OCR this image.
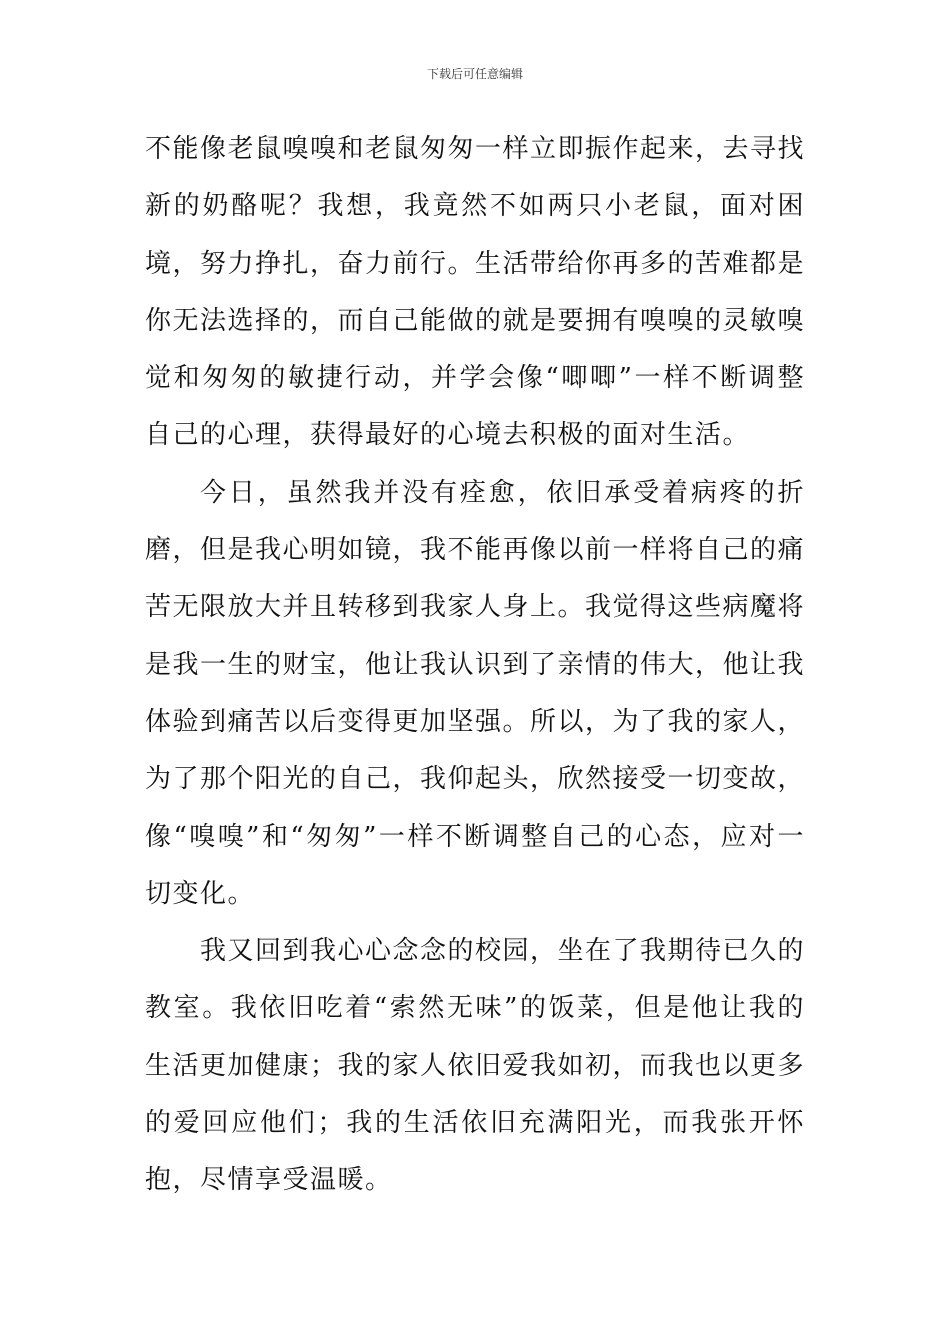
下载后可任意编辑

不能像老鼠嗅嗅和老鼠匆匆一样立即振作起来，去寻找新的奶酪呢？我想，我竟然不如两只小老鼠，面对困境，努力挣扎，奋力前行。生活带给你再多的苦难都是你无法选择的，而自己能做的就是要拥有嗅嗅的灵敏嗅觉和匆匆的敏捷行动，并学会像“唧唧”一样不断调整自己的心理，获得最好的心境去积极的面对生活。

今日，虽然我并没有痊愈，依旧承受着病疼的折磨，但是我心明如镜，我不能再像以前一样将自己的痛苦无限放大并且转移到我家人身上。我觉得这些病魔将是我一生的财宝，他让我认识到了亲情的伟大，他让我体验到痛苦以后变得更加坚强。所以，为了我的家人，为了那个阳光的自己，我仰起头，欣然接受一切变故，像“嗅嗅”和“匆匆”一样不断调整自己的心态，应对一切变化。

我又回到我心心念念的校园，坐在了我期待已久的教室。我依旧吃着“索然无味”的饭菜，但是他让我的生活更加健康；我的家人依旧爱我如初，而我也以更多的爱回应他们；我的生活依旧充满阳光，而我张开怀抱，尽情享受温暖。
